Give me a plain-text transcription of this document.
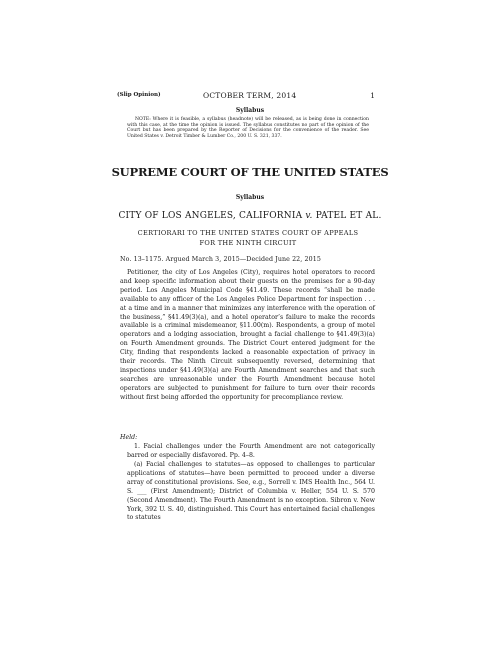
(Slip Opinion)	OCTOBER TERM, 2014	1
Syllabus
NOTE: Where it is feasible, a syllabus (headnote) will be released, as is being done in connection with this case, at the time the opinion is issued. The syllabus constitutes no part of the opinion of the Court but has been prepared by the Reporter of Decisions for the convenience of the reader. See United States v. Detroit Timber & Lumber Co., 200 U. S. 321, 337.
SUPREME COURT OF THE UNITED STATES
Syllabus
CITY OF LOS ANGELES, CALIFORNIA v. PATEL ET AL.
CERTIORARI TO THE UNITED STATES COURT OF APPEALS FOR THE NINTH CIRCUIT
No. 13–1175. Argued March 3, 2015—Decided June 22, 2015
Petitioner, the city of Los Angeles (City), requires hotel operators to record and keep specific information about their guests on the premises for a 90-day period. Los Angeles Municipal Code §41.49. These records “shall be made available to any officer of the Los Angeles Police Department for inspection . . . at a time and in a manner that minimizes any interference with the operation of the business,” §41.49(3)(a), and a hotel operator’s failure to make the records available is a criminal misdemeanor, §11.00(m). Respondents, a group of motel operators and a lodging association, brought a facial challenge to §41.49(3)(a) on Fourth Amendment grounds. The District Court entered judgment for the City, finding that respondents lacked a reasonable expectation of privacy in their records. The Ninth Circuit subsequently reversed, determining that inspections under §41.49(3)(a) are Fourth Amendment searches and that such searches are unreasonable under the Fourth Amendment because hotel operators are subjected to punishment for failure to turn over their records without first being afforded the opportunity for precompliance review.
Held:
1. Facial challenges under the Fourth Amendment are not categorically barred or especially disfavored. Pp. 4–8.
(a) Facial challenges to statutes—as opposed to challenges to particular applications of statutes—have been permitted to proceed under a diverse array of constitutional provisions. See, e.g., Sorrell v. IMS Health Inc., 564 U. S. ___ (First Amendment); District of Columbia v. Heller, 554 U. S. 570 (Second Amendment). The Fourth Amendment is no exception. Sibron v. New York, 392 U. S. 40, distinguished. This Court has entertained facial challenges to statutes
